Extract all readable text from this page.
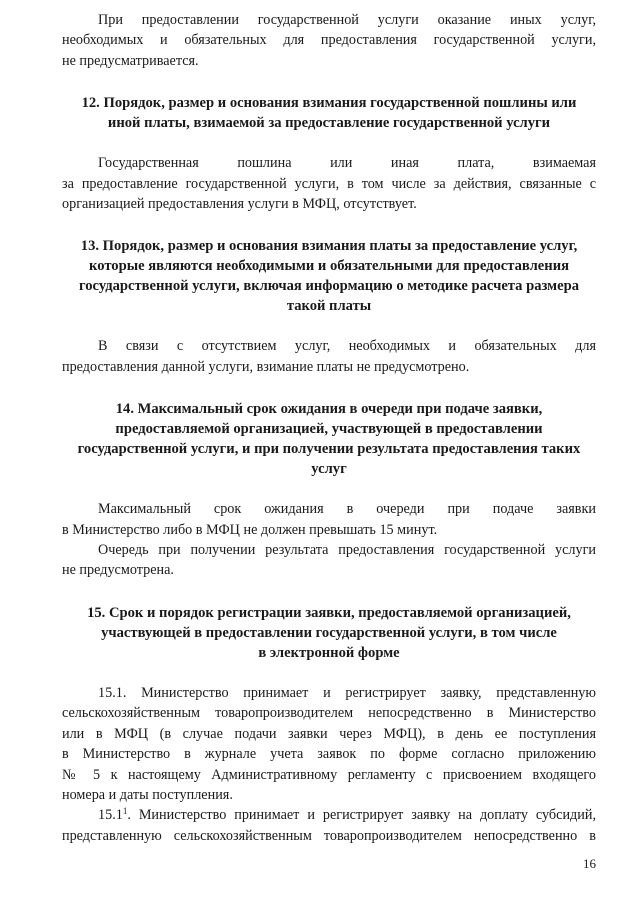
При предоставлении государственной услуги оказание иных услуг,

необходимых и обязательных для предоставления государственной услуги,

не предусматривается.

12. Порядок, размер и основания взимания государственной пошлины или
иной платы, взимаемой за предоставление государственной услуги

Государственная пошлина или иная плата, взимаемая

за предоставление государственной услуги, в том числе за действия, связанные с

организацией предоставления услуги в МФЦ, отсутствует.

13. Порядок, размер и основания взимания платы за предоставление услуг,
которые являются необходимыми и обязательными для предоставления
государственной услуги, включая информацию о методике расчета размера
такой платы

В связи с отсутствием услуг, необходимых и обязательных для

предоставления данной услуги, взимание платы не предусмотрено.

14. Максимальный срок ожидания в очереди при подаче заявки,
предоставляемой организацией, участвующей в предоставлении
государственной услуги, и при получении результата предоставления таких
услуг

Максимальный срок ожидания в очереди при подаче заявки

в Министерство либо в МФЦ не должен превышать 15 минут.

Очередь при получении результата предоставления государственной услуги

не предусмотрена.

15. Срок и порядок регистрации заявки, предоставляемой организацией,
участвующей в предоставлении государственной услуги, в том числе
в электронной форме

15.1. Министерство принимает и регистрирует заявку, представленную

сельскохозяйственным товаропроизводителем непосредственно в Министерство

или в МФЦ (в случае подачи заявки через МФЦ), в день ее поступления

в Министерство в журнале учета заявок по форме согласно приложению

№ 5 к настоящему Административному регламенту с присвоением входящего

номера и даты поступления.

15.1$^1$. Министерство принимает и регистрирует заявку на доплату субсидий,

представленную сельскохозяйственным товаропроизводителем непосредственно в

16
